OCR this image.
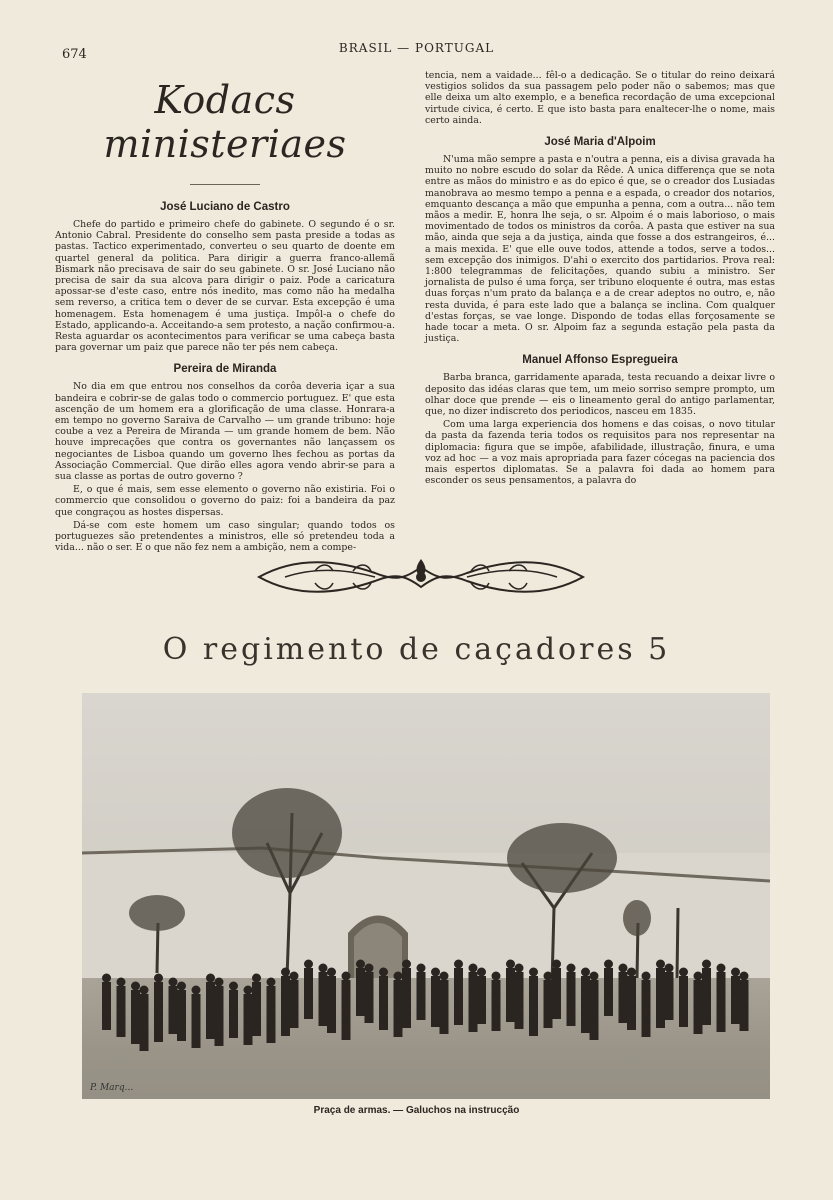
674	BRASIL — PORTUGAL
Kodacs ministeriaes
José Luciano de Castro

Chefe do partido e primeiro chefe do gabinete. O segundo é o sr. Antonio Cabral. Presidente do conselho sem pasta preside a todas as pastas. Tactico experimentado, converteu o seu quarto de doente em quartel general da politica. Para dirigir a guerra franco-allemã Bismark não precisava de sair do seu gabinete. O sr. José Luciano não precisa de sair da sua alcova para dirigir o paiz. Pode a caricatura apossar-se d'este caso, entre nós inedito, mas como não ha medalha sem reverso, a critica tem o dever de se curvar. Esta excepção é uma homenagem. Esta homenagem é uma justiça. Impôl-a o chefe do Estado, applicando-a. Acceitando-a sem protesto, a nação confirmou-a. Resta aguardar os acontecimentos para verificar se uma cabeça basta para governar um paiz que parece não ter pés nem cabeça.

Pereira de Miranda

No dia em que entrou nos conselhos da corôa deveria içar a sua bandeira e cobrir-se de galas todo o commercio portuguez. E' que esta ascenção de um homem era a glorificação de uma classe. Honrara-a em tempo no governo Saraiva de Carvalho — um grande tribuno: hoje coube a vez a Pereira de Miranda — um grande homem de bem. Não houve imprecações que contra os governantes não lançassem os negociantes de Lisboa quando um governo lhes fechou as portas da Associação Commercial. Que dirão elles agora vendo abrir-se para a sua classe as portas de outro governo ?

E, o que é mais, sem esse elemento o governo não existiria. Foi o commercio que consolidou o governo do paiz: foi a bandeira da paz que congraçou as hostes dispersas.

Dá-se com este homem um caso singular; quando todos os portuguezes são pretendentes a ministros, elle só pretendeu toda a vida... não o ser. E o que não fez nem a ambição, nem a compe-

tencia, nem a vaidade... fêl-o a dedicação. Se o titular do reino deixará vestigios solidos da sua passagem pelo poder não o sabemos; mas que elle deixa um alto exemplo, e a benefica recordação de uma excepcional virtude civica, é certo. E que isto basta para enaltecer-lhe o nome, mais certo ainda.

José Maria d'Alpoim

N'uma mão sempre a pasta e n'outra a penna, eis a divisa gravada ha muito no nobre escudo do solar da Rêde. A unica differença que se nota entre as mãos do ministro e as do epico é que, se o creador dos Lusiadas manobrava ao mesmo tempo a penna e a espada, o creador dos notarios, emquanto descança a mão que empunha a penna, com a outra... não tem mãos a medir. E, honra lhe seja, o sr. Alpoim é o mais laborioso, o mais movimentado de todos os ministros da corôa. A pasta que estiver na sua mão, ainda que seja a da justiça, ainda que fosse a dos estrangeiros, é... a mais mexida. E' que elle ouve todos, attende a todos, serve a todos... sem excepção dos inimigos. D'ahi o exercito dos partidarios. Prova real: 1:800 telegrammas de felicitações, quando subiu a ministro. Ser jornalista de pulso é uma força, ser tribuno eloquente é outra, mas estas duas forças n'um prato da balança e a de crear adeptos no outro, e, não resta duvida, é para este lado que a balança se inclina. Com qualquer d'estas forças, se vae longe. Dispondo de todas ellas forçosamente se hade tocar a meta. O sr. Alpoim faz a segunda estação pela pasta da justiça.

Manuel Affonso Espregueira

Barba branca, garridamente aparada, testa recuando a deixar livre o deposito das idéas claras que tem, um meio sorriso sempre prompto, um olhar doce que prende — eis o lineamento geral do antigo parlamentar, que, no dizer indiscreto dos periodicos, nasceu em 1835.

Com uma larga experiencia dos homens e das coisas, o novo titular da pasta da fazenda teria todos os requisitos para nos representar na diplomacia: figura que se impõe, afabilidade, illustração, finura, e uma voz ad hoc — a voz mais apropriada para fazer cócegas na paciencia dos mais espertos diplomatas. Se a palavra foi dada ao homem para esconder os seus pensamentos, a palavra do

O regimento de caçadores 5
P. Marq...
Praça de armas. — Galuchos na instrucção
